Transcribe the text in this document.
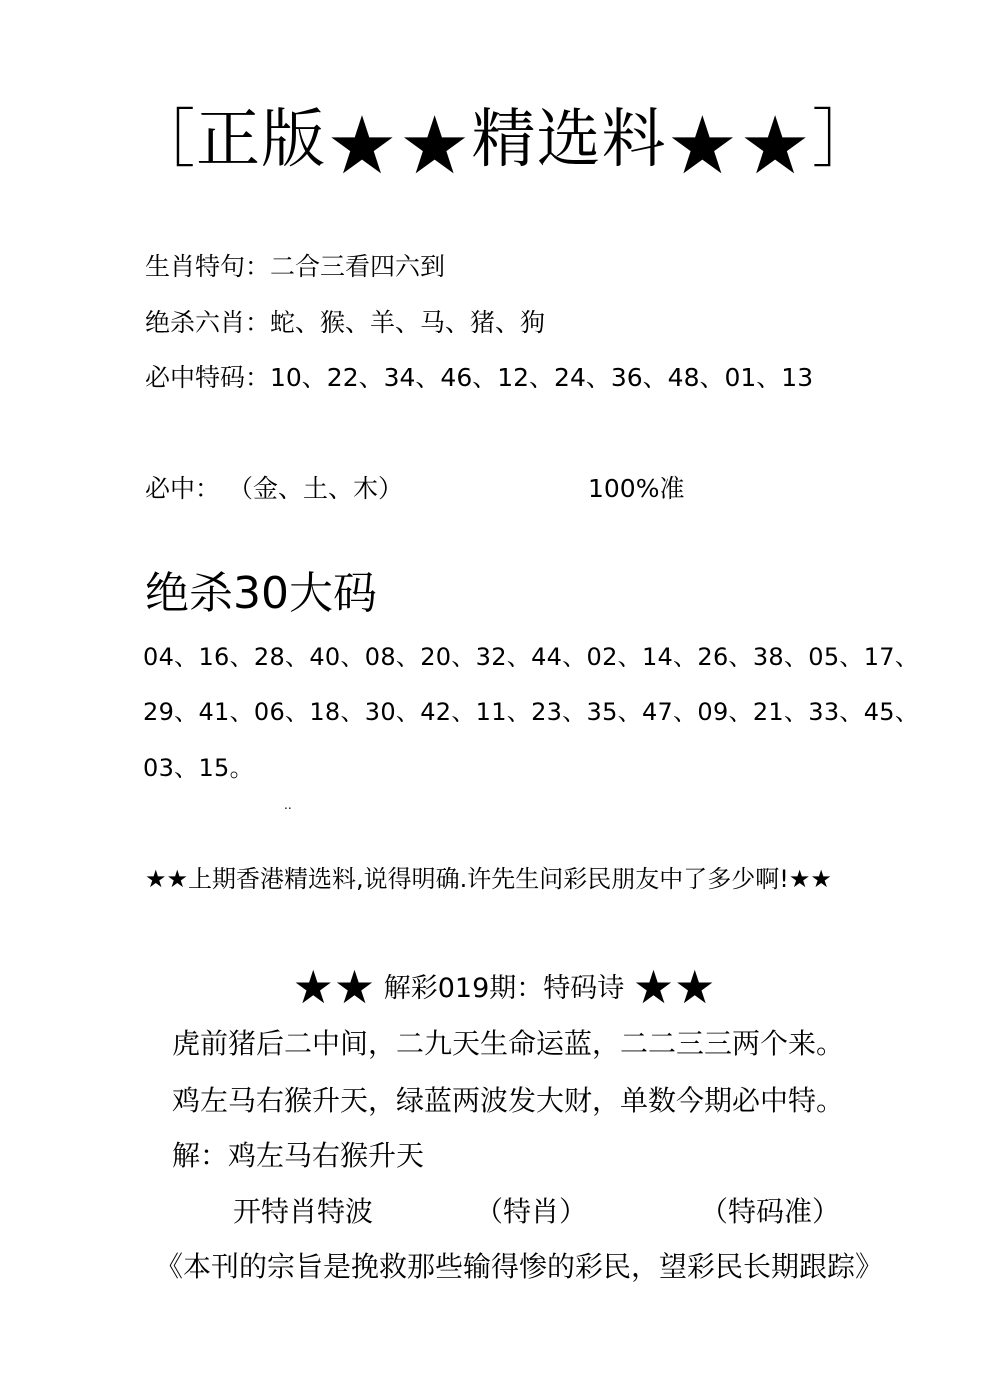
［正版★★精选料★★］
生肖特句：二合三看四六到
绝杀六肖：蛇、猴、羊、马、猪、狗
必中特码：10、22、34、46、12、24、36、48、01、13
必中： （金、土、木）	100%准
绝杀30大码
04、16、28、40、08、20、32、44、02、14、26、38、05、17、
29、41、06、18、30、42、11、23、35、47、09、21、33、45、
03、15。
..
★★上期香港精选料,说得明确.许先生问彩民朋友中了多少啊!★★
★★ 解彩019期：特码诗 ★★
虎前猪后二中间，二九天生命运蓝，二二三三两个来。
鸡左马右猴升天，绿蓝两波发大财，单数今期必中特。
解：鸡左马右猴升天
开特肖特波	（特肖）	（特码准）
《本刊的宗旨是挽救那些输得惨的彩民，望彩民长期跟踪》
